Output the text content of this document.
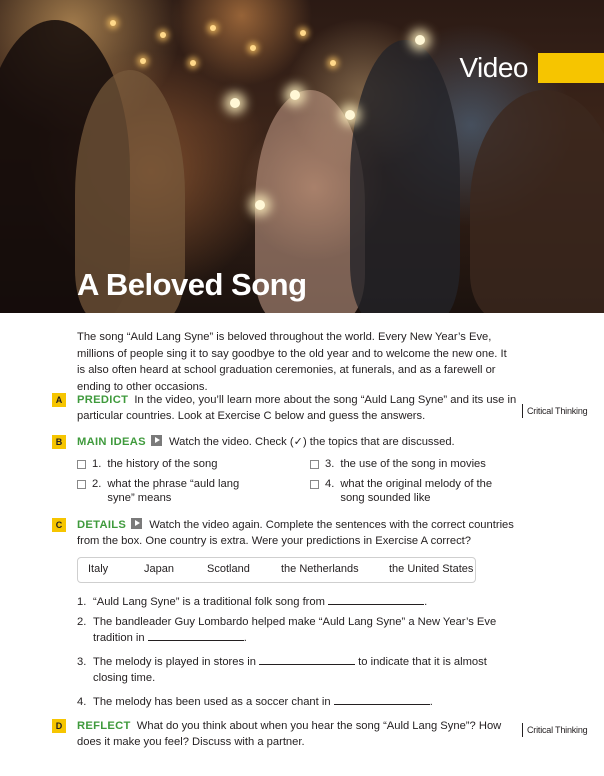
Video
A Beloved Song
The song “Auld Lang Syne” is beloved throughout the world. Every New Year’s Eve, millions of people sing it to say goodbye to the old year and to welcome the new one. It is also often heard at school graduation ceremonies, at funerals, and as a farewell or ending to other occasions.
A	PREDICT In the video, you’ll learn more about the song “Auld Lang Syne” and its use in particular countries. Look at Exercise C below and guess the answers.	Critical Thinking
B	MAIN IDEAS Watch the video. Check (✓) the topics that are discussed.
1. the history of the song
2. what the phrase “auld lang syne” means
3. the use of the song in movies
4. what the original melody of the song sounded like
C	DETAILS Watch the video again. Complete the sentences with the correct countries from the box. One country is extra. Were your predictions in Exercise A correct?
Italy	Japan	Scotland	the Netherlands	the United States
1. “Auld Lang Syne” is a traditional folk song from	.
2. The bandleader Guy Lombardo helped make “Auld Lang Syne” a New Year’s Eve tradition in	.
3. The melody is played in stores in	to indicate that it is almost closing time.
4. The melody has been used as a soccer chant in	.
D	REFLECT What do you think about when you hear the song “Auld Lang Syne”? How does it make you feel? Discuss with a partner.
Critical Thinking
